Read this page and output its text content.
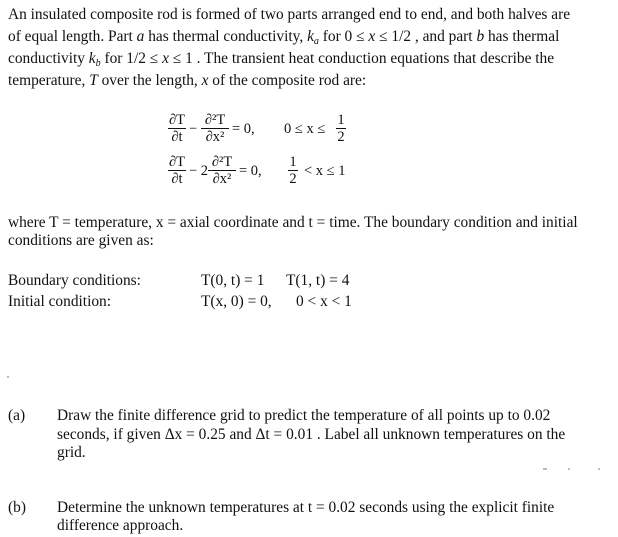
An insulated composite rod is formed of two parts arranged end to end, and both halves are

of equal length. Part a has thermal conductivity, $k_a$ for 0 ≤ x ≤ 1/2 , and part b has thermal

conductivity $k_b$ for 1/2 ≤ x ≤ 1 . The transient heat conduction equations that describe the

temperature, T over the length, x of the composite rod are:

∂T
∂t −
∂²T
∂x² = 0, 0 ≤ x ≤
1
2
∂T
∂t − 2
∂²T
∂x² = 0,
1
2 < x ≤ 1

where T = temperature, x = axial coordinate and t = time. The boundary condition and initial

conditions are given as:

Boundary conditions:	T(0, t) = 1 T(1, t) = 4
Initial condition:	T(x, 0) = 0, 0 < x < 1
(a) Draw the finite difference grid to predict the temperature of all points up to 0.02

seconds, if given Δx = 0.25 and Δt = 0.01 . Label all unknown temperatures on the

grid.

(b) Determine the unknown temperatures at t = 0.02 seconds using the explicit finite

difference approach.
